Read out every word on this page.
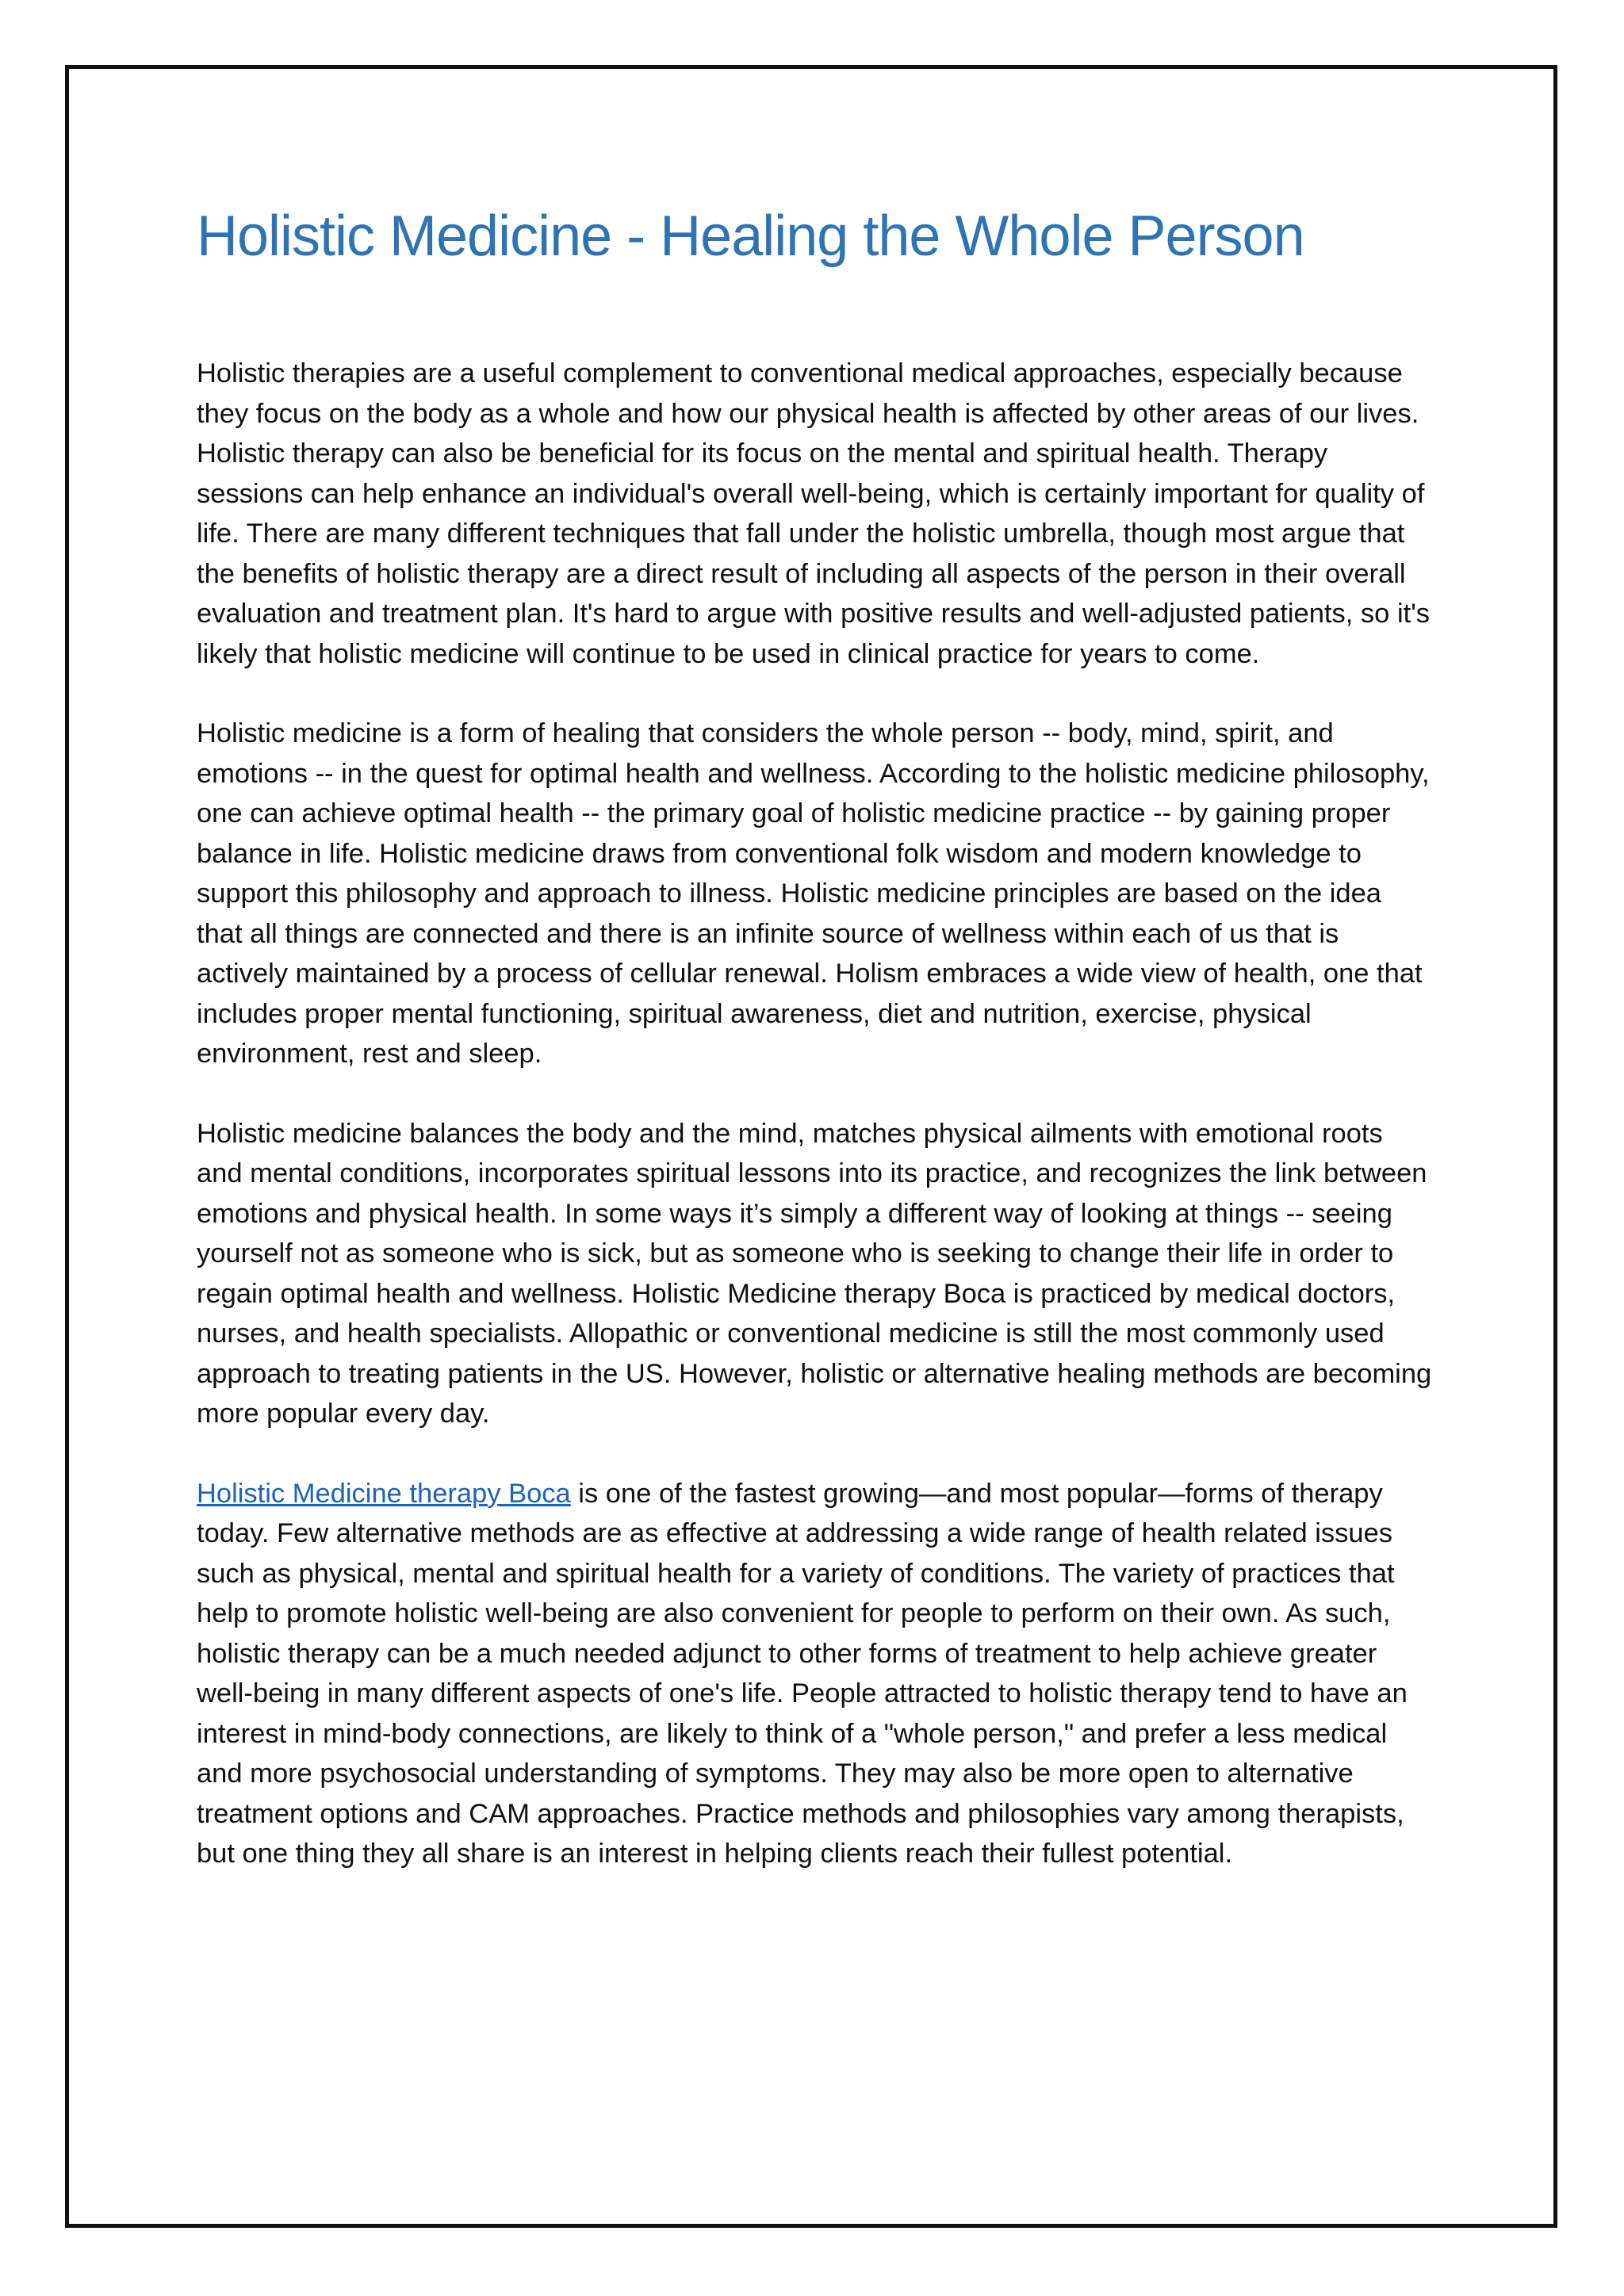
Holistic Medicine - Healing the Whole Person

Holistic therapies are a useful complement to conventional medical approaches, especially because they focus on the body as a whole and how our physical health is affected by other areas of our lives. Holistic therapy can also be beneficial for its focus on the mental and spiritual health. Therapy sessions can help enhance an individual's overall well-being, which is certainly important for quality of life. There are many different techniques that fall under the holistic umbrella, though most argue that the benefits of holistic therapy are a direct result of including all aspects of the person in their overall evaluation and treatment plan. It's hard to argue with positive results and well-adjusted patients, so it's likely that holistic medicine will continue to be used in clinical practice for years to come.

Holistic medicine is a form of healing that considers the whole person -- body, mind, spirit, and emotions -- in the quest for optimal health and wellness. According to the holistic medicine philosophy, one can achieve optimal health -- the primary goal of holistic medicine practice -- by gaining proper balance in life. Holistic medicine draws from conventional folk wisdom and modern knowledge to support this philosophy and approach to illness. Holistic medicine principles are based on the idea that all things are connected and there is an infinite source of wellness within each of us that is actively maintained by a process of cellular renewal. Holism embraces a wide view of health, one that includes proper mental functioning, spiritual awareness, diet and nutrition, exercise, physical environment, rest and sleep.

Holistic medicine balances the body and the mind, matches physical ailments with emotional roots and mental conditions, incorporates spiritual lessons into its practice, and recognizes the link between emotions and physical health. In some ways it’s simply a different way of looking at things -- seeing yourself not as someone who is sick, but as someone who is seeking to change their life in order to regain optimal health and wellness. Holistic Medicine therapy Boca is practiced by medical doctors, nurses, and health specialists. Allopathic or conventional medicine is still the most commonly used approach to treating patients in the US. However, holistic or alternative healing methods are becoming more popular every day.

Holistic Medicine therapy Boca is one of the fastest growing—and most popular—forms of therapy today. Few alternative methods are as effective at addressing a wide range of health related issues such as physical, mental and spiritual health for a variety of conditions. The variety of practices that help to promote holistic well-being are also convenient for people to perform on their own. As such, holistic therapy can be a much needed adjunct to other forms of treatment to help achieve greater well-being in many different aspects of one's life. People attracted to holistic therapy tend to have an interest in mind-body connections, are likely to think of a "whole person," and prefer a less medical and more psychosocial understanding of symptoms. They may also be more open to alternative treatment options and CAM approaches. Practice methods and philosophies vary among therapists, but one thing they all share is an interest in helping clients reach their fullest potential.
